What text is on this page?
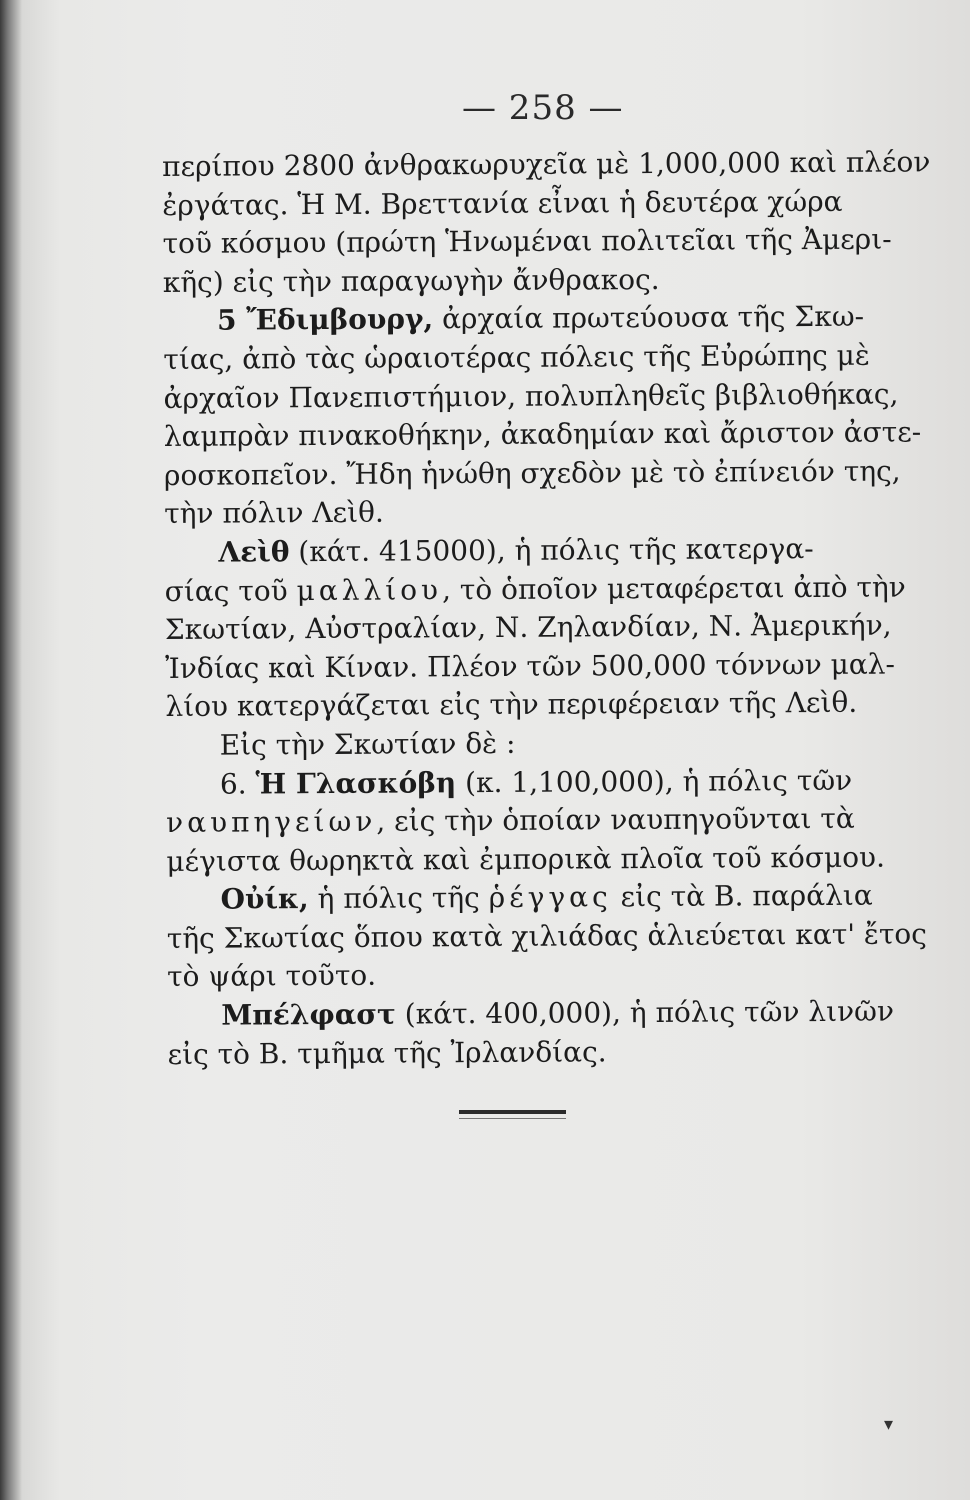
— 258 —
περίπου 2800 ἀνθρακωρυχεῖα μὲ 1,000,000 καὶ πλέον
ἐργάτας. Ἡ Μ. Βρεττανία εἶναι ἡ δευτέρα χώρα
τοῦ κόσμου (πρώτη Ἡνωμέναι πολιτεῖαι τῆς Ἀμερι-
κῆς) εἰς τὴν παραγωγὴν ἄνθρακος.
5 Ἔδιμβουργ, ἀρχαία πρωτεύουσα τῆς Σκω-
τίας, ἀπὸ τὰς ὡραιοτέρας πόλεις τῆς Εὐρώπης μὲ
ἀρχαῖον Πανεπιστήμιον, πολυπληθεῖς βιβλιοθήκας,
λαμπρὰν πινακοθήκην, ἀκαδημίαν καὶ ἄριστον ἀστε-
ροσκοπεῖον. Ἤδη ἡνώθη σχεδὸν μὲ τὸ ἐπίνειόν της,
τὴν πόλιν Λεὶθ.
Λεὶθ (κάτ. 415000), ἡ πόλις τῆς κατεργα-
σίας τοῦ μαλλίου, τὸ ὁποῖον μεταφέρεται ἀπὸ τὴν
Σκωτίαν, Αὐστραλίαν, Ν. Ζηλανδίαν, Ν. Ἀμερικήν,
Ἰνδίας καὶ Κίναν. Πλέον τῶν 500,000 τόννων μαλ-
λίου κατεργάζεται εἰς τὴν περιφέρειαν τῆς Λεὶθ.
Εἰς τὴν Σκωτίαν δὲ :
6. Ἡ Γλασκόβη (κ. 1,100,000), ἡ πόλις τῶν
ναυπηγείων, εἰς τὴν ὁποίαν ναυπηγοῦνται τὰ
μέγιστα θωρηκτὰ καὶ ἐμπορικὰ πλοῖα τοῦ κόσμου.
Οὐίκ, ἡ πόλις τῆς ῥέγγας εἰς τὰ Β. παράλια
τῆς Σκωτίας ὅπου κατὰ χιλιάδας ἁλιεύεται κατ' ἔτος
τὸ ψάρι τοῦτο.
Μπέλφαστ (κάτ. 400,000), ἡ πόλις τῶν λινῶν
εἰς τὸ Β. τμῆμα τῆς Ἰρλανδίας.
▾
